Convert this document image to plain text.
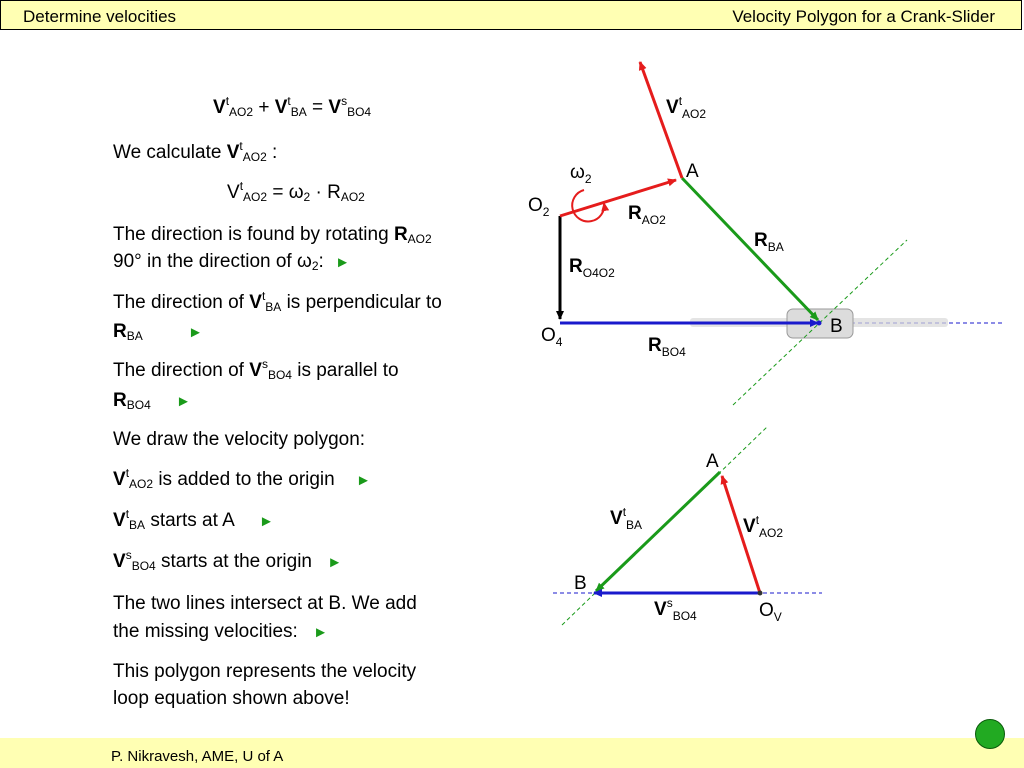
Determine velocities	Velocity Polygon for a Crank-Slider
$V^t_{AO2} + V^t_{BA} = V^s_{BO4}$
We calculate $V^t_{AO2}$ :
$V^t_{AO2} = \omega_2 \cdot R_{AO2}$
The direction is found by rotating $R_{AO2}$
90° in the direction of $\omega_2$: ►
The direction of $V^t_{BA}$ is perpendicular to
$R_{BA}$	►
The direction of $V^s_{BO4}$ is parallel to
$R_{BO4}$ ►
We draw the velocity polygon:
$V^t_{AO2}$ is added to the origin ►
$V^t_{BA}$ starts at A ►
$V^s_{BO4}$ starts at the origin ►
The two lines intersect at B. We add
the missing velocities: ►
This polygon represents the velocity
loop equation shown above!
$O_2$
$O_4$
A
B
$\omega_2$
$R_{AO2}$
$R_{BA}$
$R_{O4O2}$
$R_{BO4}$
$V^t_{AO2}$
A
B
$O_V$
$V^t_{BA}$	$V^t_{AO2}$
$V^s_{BO4}$
P. Nikravesh, AME, U of A
